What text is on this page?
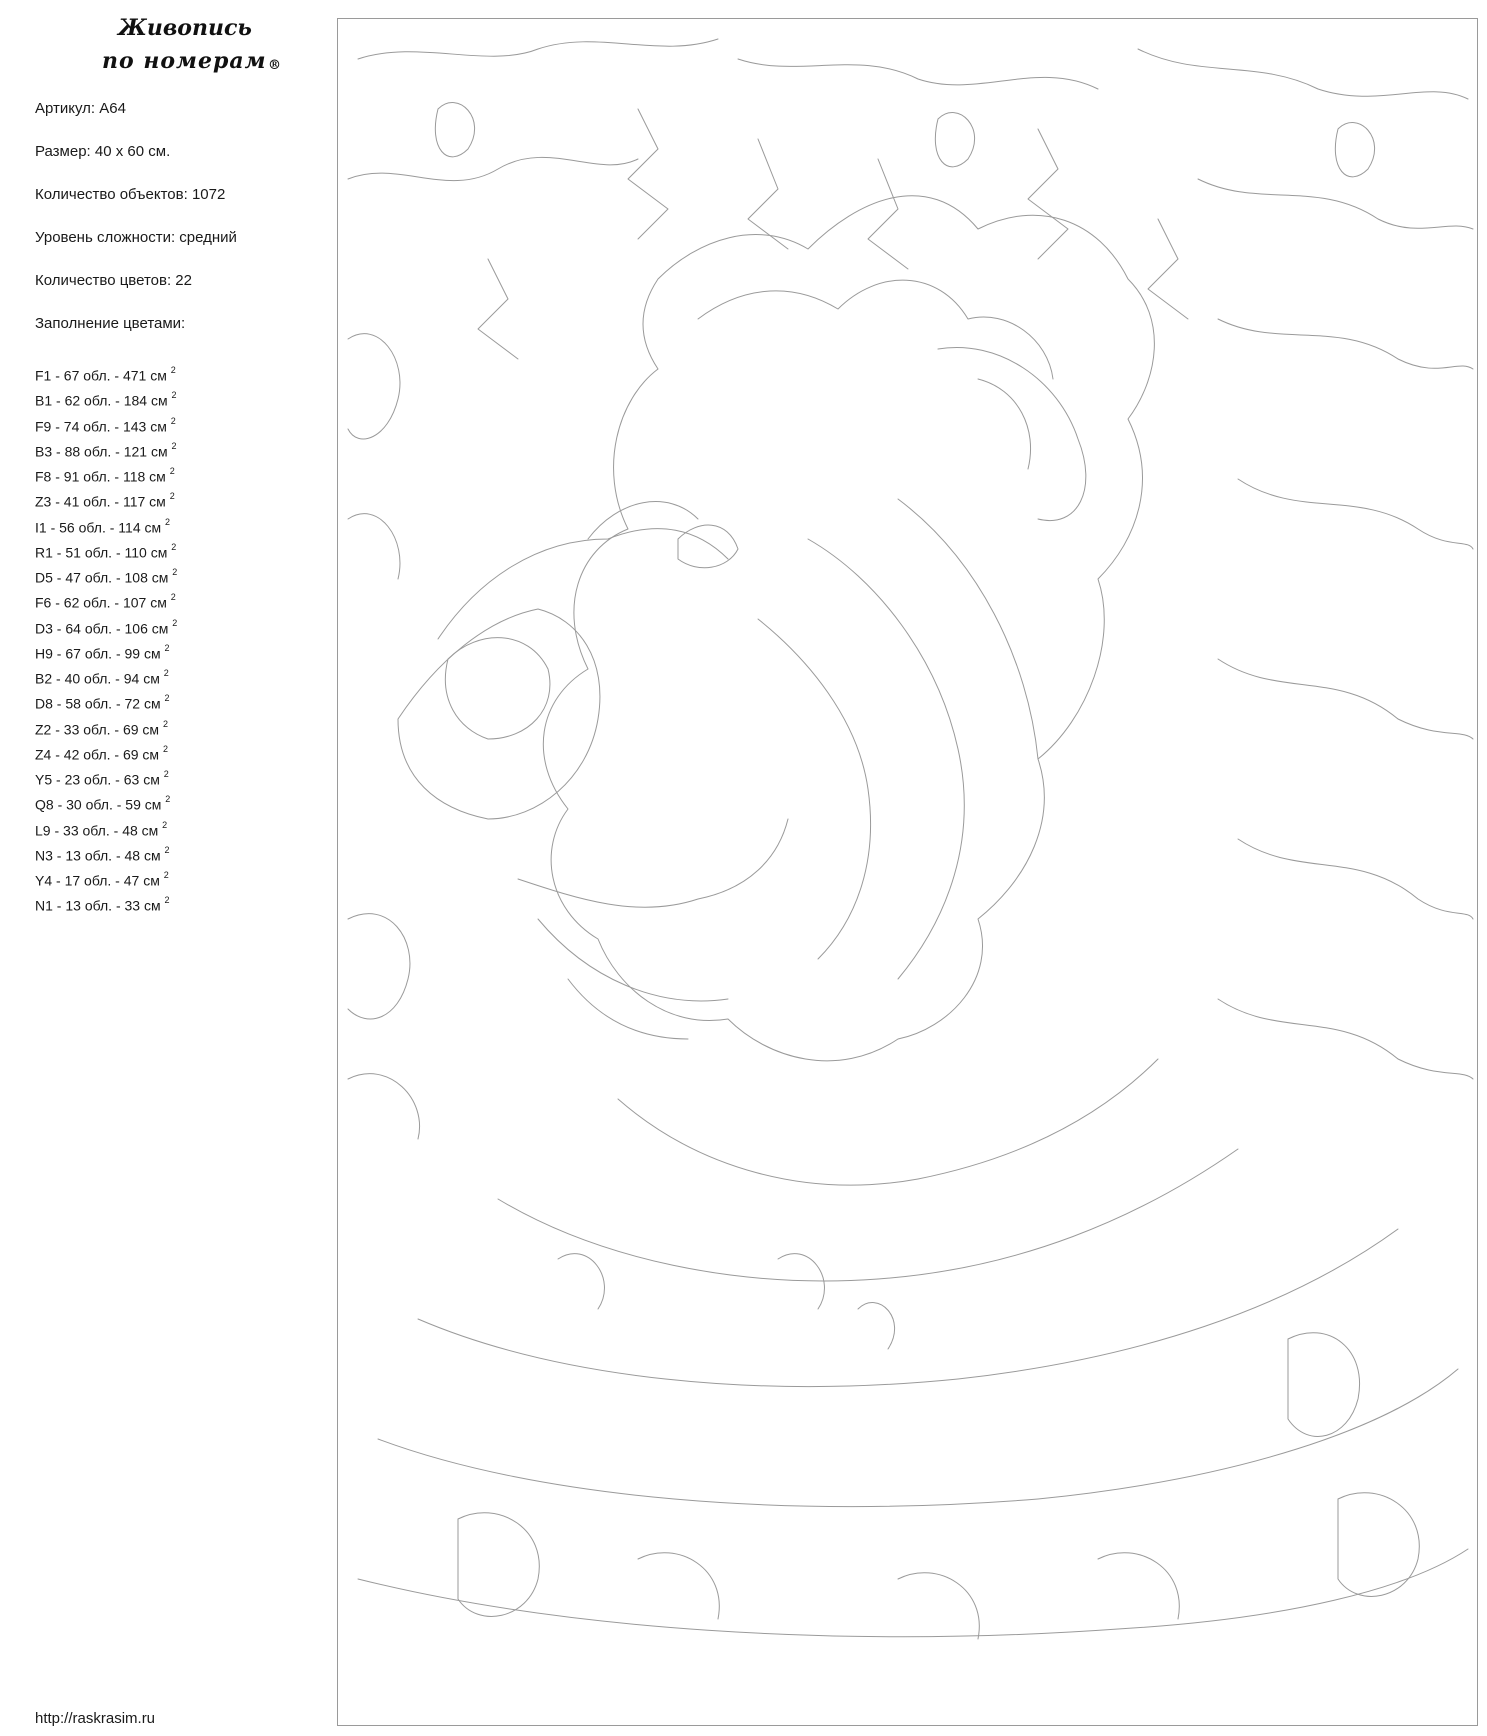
Живопись
по номерам ®

Артикул: А64

Размер: 40 х 60 см.

Количество объектов: 1072

Уровень сложности: средний

Количество цветов: 22

Заполнение цветами:

F1 - 67 обл. - 471 см $^2$
B1 - 62 обл. - 184 см $^2$
F9 - 74 обл. - 143 см $^2$
B3 - 88 обл. - 121 см $^2$
F8 - 91 обл. - 118 см $^2$
Z3 - 41 обл. - 117 см $^2$
I1 - 56 обл. - 114 см $^2$
R1 - 51 обл. - 110 см $^2$
D5 - 47 обл. - 108 см $^2$
F6 - 62 обл. - 107 см $^2$
D3 - 64 обл. - 106 см $^2$
H9 - 67 обл. - 99 см $^2$
B2 - 40 обл. - 94 см $^2$
D8 - 58 обл. - 72 см $^2$
Z2 - 33 обл. - 69 см $^2$
Z4 - 42 обл. - 69 см $^2$
Y5 - 23 обл. - 63 см $^2$
Q8 - 30 обл. - 59 см $^2$
L9 - 33 обл. - 48 см $^2$
N3 - 13 обл. - 48 см $^2$
Y4 - 17 обл. - 47 см $^2$
N1 - 13 обл. - 33 см $^2$
http://raskrasim.ru
